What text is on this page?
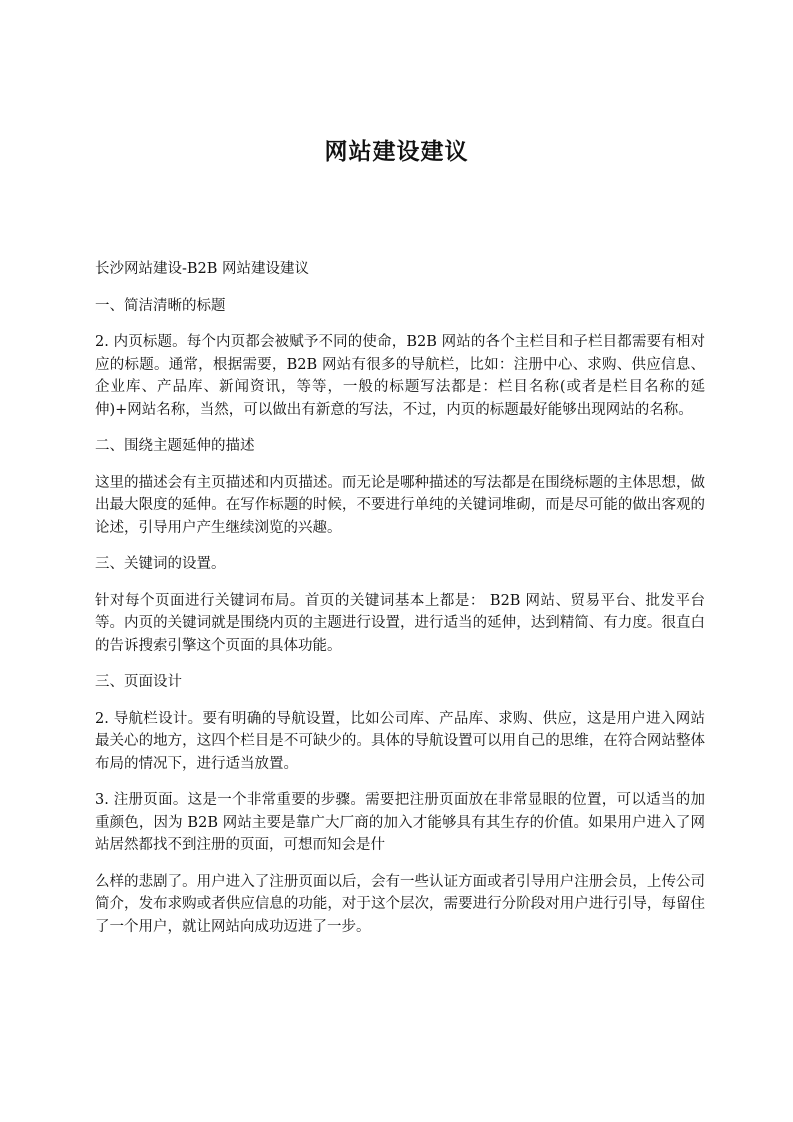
网站建设建议

长沙网站建设-B2B 网站建设建议

一、简洁清晰的标题

2. 内页标题。每个内页都会被赋予不同的使命，B2B 网站的各个主栏目和子栏目都需要有相对应的标题。通常，根据需要，B2B 网站有很多的导航栏，比如：注册中心、求购、供应信息、企业库、产品库、新闻资讯，等等，一般的标题写法都是：栏目名称(或者是栏目名称的延伸)+网站名称，当然，可以做出有新意的写法，不过，内页的标题最好能够出现网站的名称。

二、围绕主题延伸的描述

这里的描述会有主页描述和内页描述。而无论是哪种描述的写法都是在围绕标题的主体思想，做出最大限度的延伸。在写作标题的时候，不要进行单纯的关键词堆砌，而是尽可能的做出客观的论述，引导用户产生继续浏览的兴趣。

三、关键词的设置。

针对每个页面进行关键词布局。首页的关键词基本上都是： B2B 网站、贸易平台、批发平台等。内页的关键词就是围绕内页的主题进行设置，进行适当的延伸，达到精简、有力度。很直白的告诉搜索引擎这个页面的具体功能。

三、页面设计

2. 导航栏设计。要有明确的导航设置，比如公司库、产品库、求购、供应，这是用户进入网站最关心的地方，这四个栏目是不可缺少的。具体的导航设置可以用自己的思维，在符合网站整体布局的情况下，进行适当放置。

3. 注册页面。这是一个非常重要的步骤。需要把注册页面放在非常显眼的位置，可以适当的加重颜色，因为 B2B 网站主要是靠广大厂商的加入才能够具有其生存的价值。如果用户进入了网站居然都找不到注册的页面，可想而知会是什

么样的悲剧了。用户进入了注册页面以后，会有一些认证方面或者引导用户注册会员，上传公司简介，发布求购或者供应信息的功能，对于这个层次，需要进行分阶段对用户进行引导，每留住了一个用户，就让网站向成功迈进了一步。
